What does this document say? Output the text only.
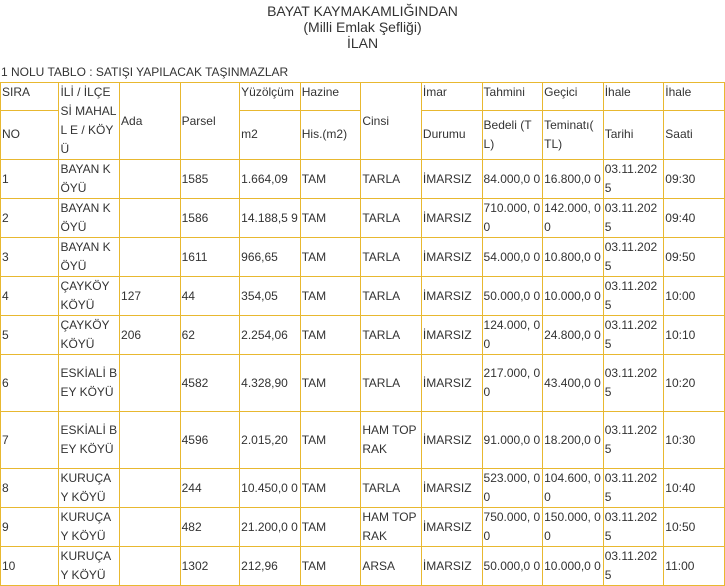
BAYAT KAYMAKAMLIĞINDAN
(Milli Emlak Şefliği)
İLAN
1 NOLU TABLO : SATIŞI YAPILACAK TAŞINMAZLAR
SIRA	İLİ / İLÇESİ MAHALL E / KÖYÜ	Ada	Parsel	Yüzölçüm	Hazine	Cinsi	İmar	Tahmini	Geçici	İhale	İhale
NO				m2	His.(m2)		Durumu	Bedeli (TL)	Teminatı( TL)	Tarihi	Saati
1	BAYAN KÖYÜ		1585	1.664,09	TAM	TARLA	İMARSIZ	84.000,0 0	16.800,0 0	03.11.202 5	09:30
2	BAYAN KÖYÜ		1586	14.188,5 9	TAM	TARLA	İMARSIZ	710.000, 00	142.000, 00	03.11.202 5	09:40
3	BAYAN KÖYÜ		1611	966,65	TAM	TARLA	İMARSIZ	54.000,0 0	10.800,0 0	03.11.202 5	09:50
4	ÇAYKÖY KÖYÜ	127	44	354,05	TAM	TARLA	İMARSIZ	50.000,0 0	10.000,0 0	03.11.202 5	10:00
5	ÇAYKÖY KÖYÜ	206	62	2.254,06	TAM	TARLA	İMARSIZ	124.000, 00	24.800,0 0	03.11.202 5	10:10
6	ESKİALİ BEY KÖYÜ		4582	4.328,90	TAM	TARLA	İMARSIZ	217.000, 00	43.400,0 0	03.11.202 5	10:20
7	ESKİALİ BEY KÖYÜ		4596	2.015,20	TAM	HAM TOPRAK	İMARSIZ	91.000,0 0	18.200,0 0	03.11.202 5	10:30
8	KURUÇA Y KÖYÜ		244	10.450,0 0	TAM	TARLA	İMARSIZ	523.000, 00	104.600, 00	03.11.202 5	10:40
9	KURUÇA Y KÖYÜ		482	21.200,0 0	TAM	HAM TOPRAK	İMARSIZ	750.000, 00	150.000, 00	03.11.202 5	10:50
10	KURUÇA Y KÖYÜ		1302	212,96	TAM	ARSA	İMARSIZ	50.000,0 0	10.000,0 0	03.11.202 5	11:00
